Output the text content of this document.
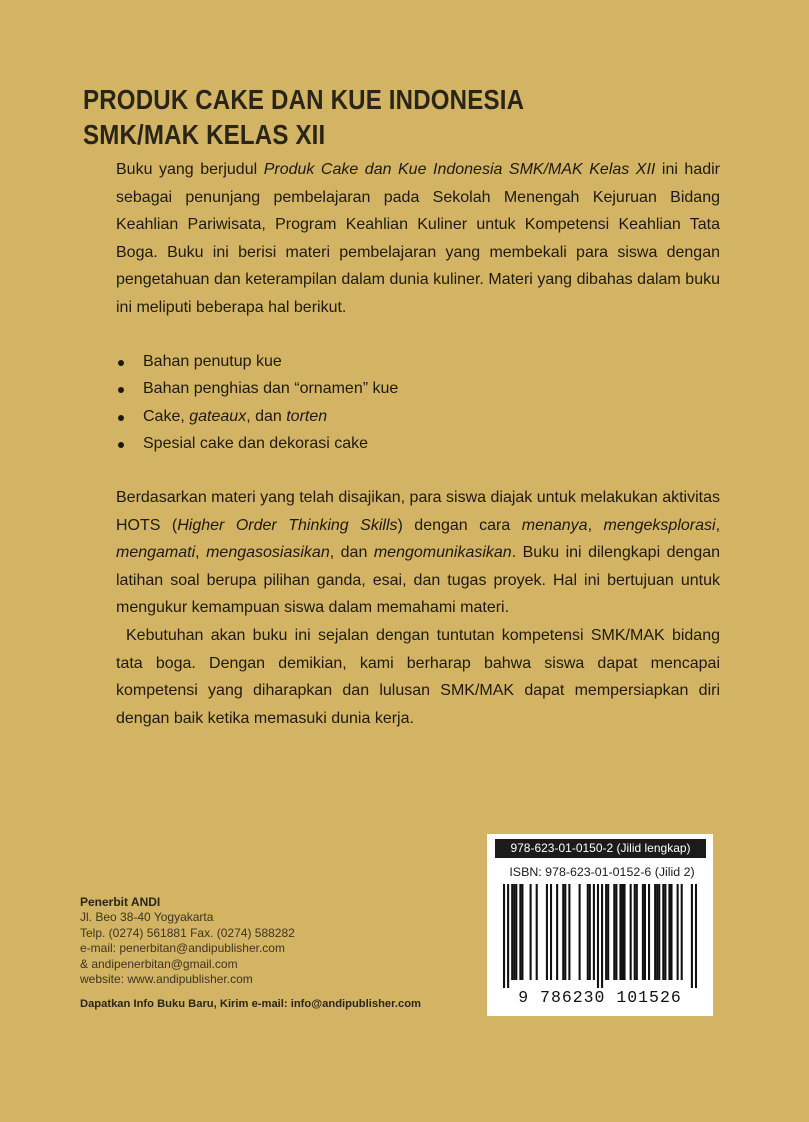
PRODUK CAKE DAN KUE INDONESIA
SMK/MAK KELAS XII

Buku yang berjudul Produk Cake dan Kue Indonesia SMK/MAK Kelas XII ini hadir sebagai penunjang pembelajaran pada Sekolah Menengah Kejuruan Bidang Keahlian Pariwisata, Program Keahlian Kuliner untuk Kompetensi Keahlian Tata Boga. Buku ini berisi materi pembelajaran yang membekali para siswa dengan pengetahuan dan keterampilan dalam dunia kuliner. Materi yang dibahas dalam buku ini meliputi beberapa hal berikut.

Bahan penutup kue
Bahan penghias dan “ornamen” kue
Cake, gateaux, dan torten
Spesial cake dan dekorasi cake

Berdasarkan materi yang telah disajikan, para siswa diajak untuk melakukan aktivitas HOTS (Higher Order Thinking Skills) dengan cara menanya, mengeksplorasi, mengamati, mengasosiasikan, dan mengomunikasikan. Buku ini dilengkapi dengan latihan soal berupa pilihan ganda, esai, dan tugas proyek. Hal ini bertujuan untuk mengukur kemampuan siswa dalam memahami materi.

Kebutuhan akan buku ini sejalan dengan tuntutan kompetensi SMK/MAK bidang tata boga. Dengan demikian, kami berharap bahwa siswa dapat mencapai kompetensi yang diharapkan dan lulusan SMK/MAK dapat mempersiapkan diri dengan baik ketika memasuki dunia kerja.

Penerbit ANDI
Jl. Beo 38-40 Yogyakarta
Telp. (0274) 561881 Fax. (0274) 588282
e-mail: penerbitan@andipublisher.com
& andipenerbitan@gmail.com
website: www.andipublisher.com
Dapatkan Info Buku Baru, Kirim e-mail: info@andipublisher.com
978-623-01-0150-2 (Jilid lengkap)
ISBN: 978-623-01-0152-6 (Jilid 2)
9 786230 101526
